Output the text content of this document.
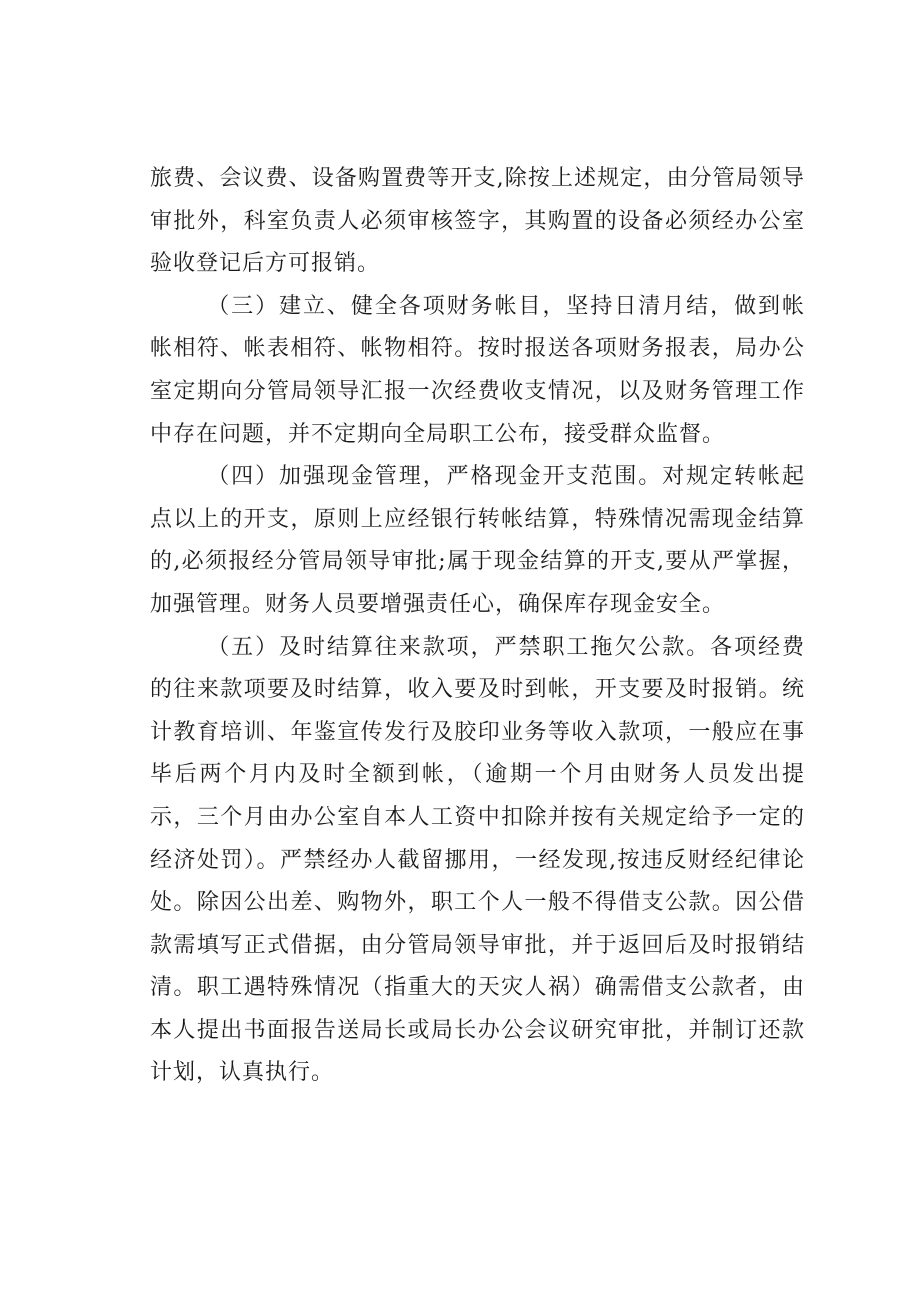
旅费、会议费、设备购置费等开支,除按上述规定，由分管局领导审批外，科室负责人必须审核签字，其购置的设备必须经办公室验收登记后方可报销。

（三）建立、健全各项财务帐目，坚持日清月结，做到帐帐相符、帐表相符、帐物相符。按时报送各项财务报表，局办公室定期向分管局领导汇报一次经费收支情况，以及财务管理工作中存在问题，并不定期向全局职工公布，接受群众监督。

（四）加强现金管理，严格现金开支范围。对规定转帐起点以上的开支，原则上应经银行转帐结算，特殊情况需现金结算的,必须报经分管局领导审批;属于现金结算的开支,要从严掌握，加强管理。财务人员要增强责任心，确保库存现金安全。

（五）及时结算往来款项，严禁职工拖欠公款。各项经费的往来款项要及时结算，收入要及时到帐，开支要及时报销。统计教育培训、年鉴宣传发行及胶印业务等收入款项，一般应在事毕后两个月内及时全额到帐，（逾期一个月由财务人员发出提示，三个月由办公室自本人工资中扣除并按有关规定给予一定的经济处罚）。严禁经办人截留挪用，一经发现,按违反财经纪律论处。除因公出差、购物外，职工个人一般不得借支公款。因公借款需填写正式借据，由分管局领导审批，并于返回后及时报销结清。职工遇特殊情况（指重大的天灾人祸）确需借支公款者，由本人提出书面报告送局长或局长办公会议研究审批，并制订还款计划，认真执行。
